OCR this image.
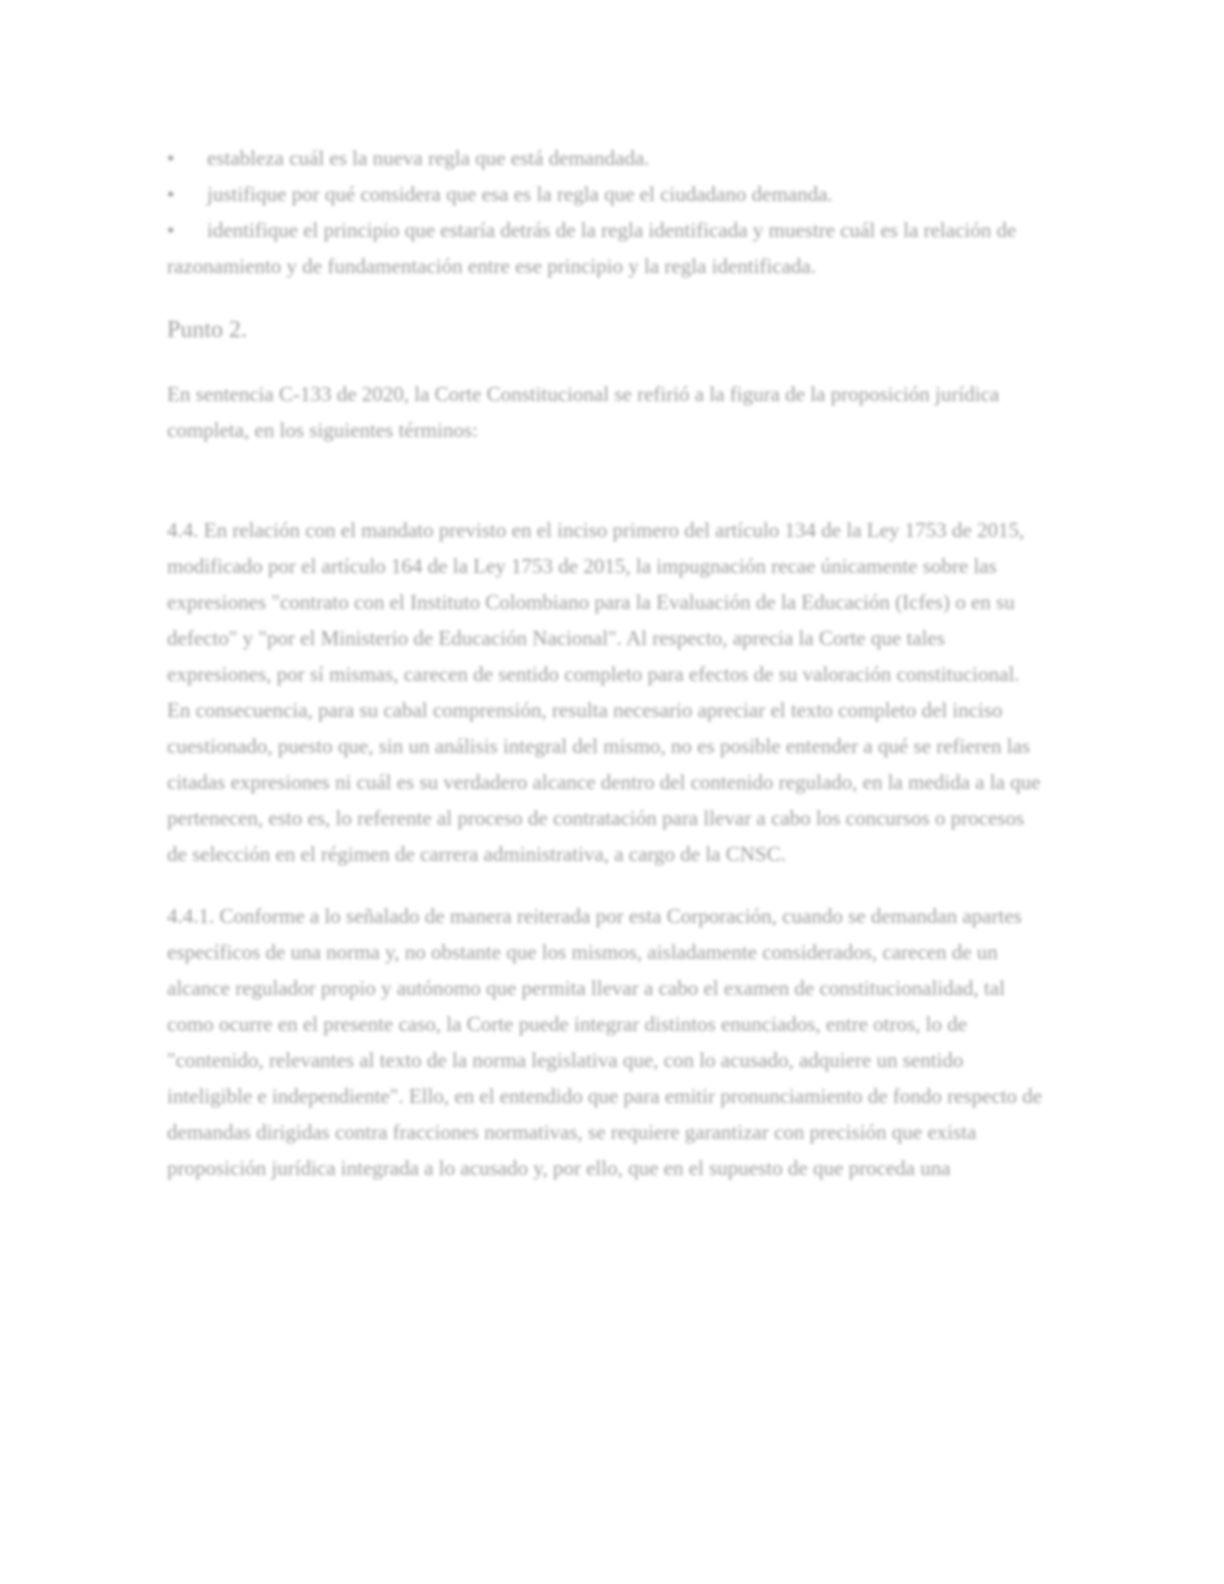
• estableza cuál es la nueva regla que está demandada.
• justifique por qué considera que esa es la regla que el ciudadano demanda.
• identifique el principio que estaría detrás de la regla identificada y muestre cuál es la relación de razonamiento y de fundamentación entre ese principio y la regla identificada.
Punto 2.

En sentencia C-133 de 2020, la Corte Constitucional se refirió a la figura de la proposición jurídica completa, en los siguientes términos:

4.4. En relación con el mandato previsto en el inciso primero del artículo 134 de la Ley 1753 de 2015, modificado por el artículo 164 de la Ley 1753 de 2015, la impugnación recae únicamente sobre las expresiones "contrato con el Instituto Colombiano para la Evaluación de la Educación (Icfes) o en su defecto" y "por el Ministerio de Educación Nacional". Al respecto, aprecia la Corte que tales expresiones, por sí mismas, carecen de sentido completo para efectos de su valoración constitucional. En consecuencia, para su cabal comprensión, resulta necesario apreciar el texto completo del inciso cuestionado, puesto que, sin un análisis integral del mismo, no es posible entender a qué se refieren las citadas expresiones ni cuál es su verdadero alcance dentro del contenido regulado, en la medida a la que pertenecen, esto es, lo referente al proceso de contratación para llevar a cabo los concursos o procesos de selección en el régimen de carrera administrativa, a cargo de la CNSC.

4.4.1. Conforme a lo señalado de manera reiterada por esta Corporación, cuando se demandan apartes específicos de una norma y, no obstante que los mismos, aisladamente considerados, carecen de un alcance regulador propio y autónomo que permita llevar a cabo el examen de constitucionalidad, tal como ocurre en el presente caso, la Corte puede integrar distintos enunciados, entre otros, lo de "contenido, relevantes al texto de la norma legislativa que, con lo acusado, adquiere un sentido inteligible e independiente". Ello, en el entendido que para emitir pronunciamiento de fondo respecto de demandas dirigidas contra fracciones normativas, se requiere garantizar con precisión que exista proposición jurídica integrada a lo acusado y, por ello, que en el supuesto de que proceda una
